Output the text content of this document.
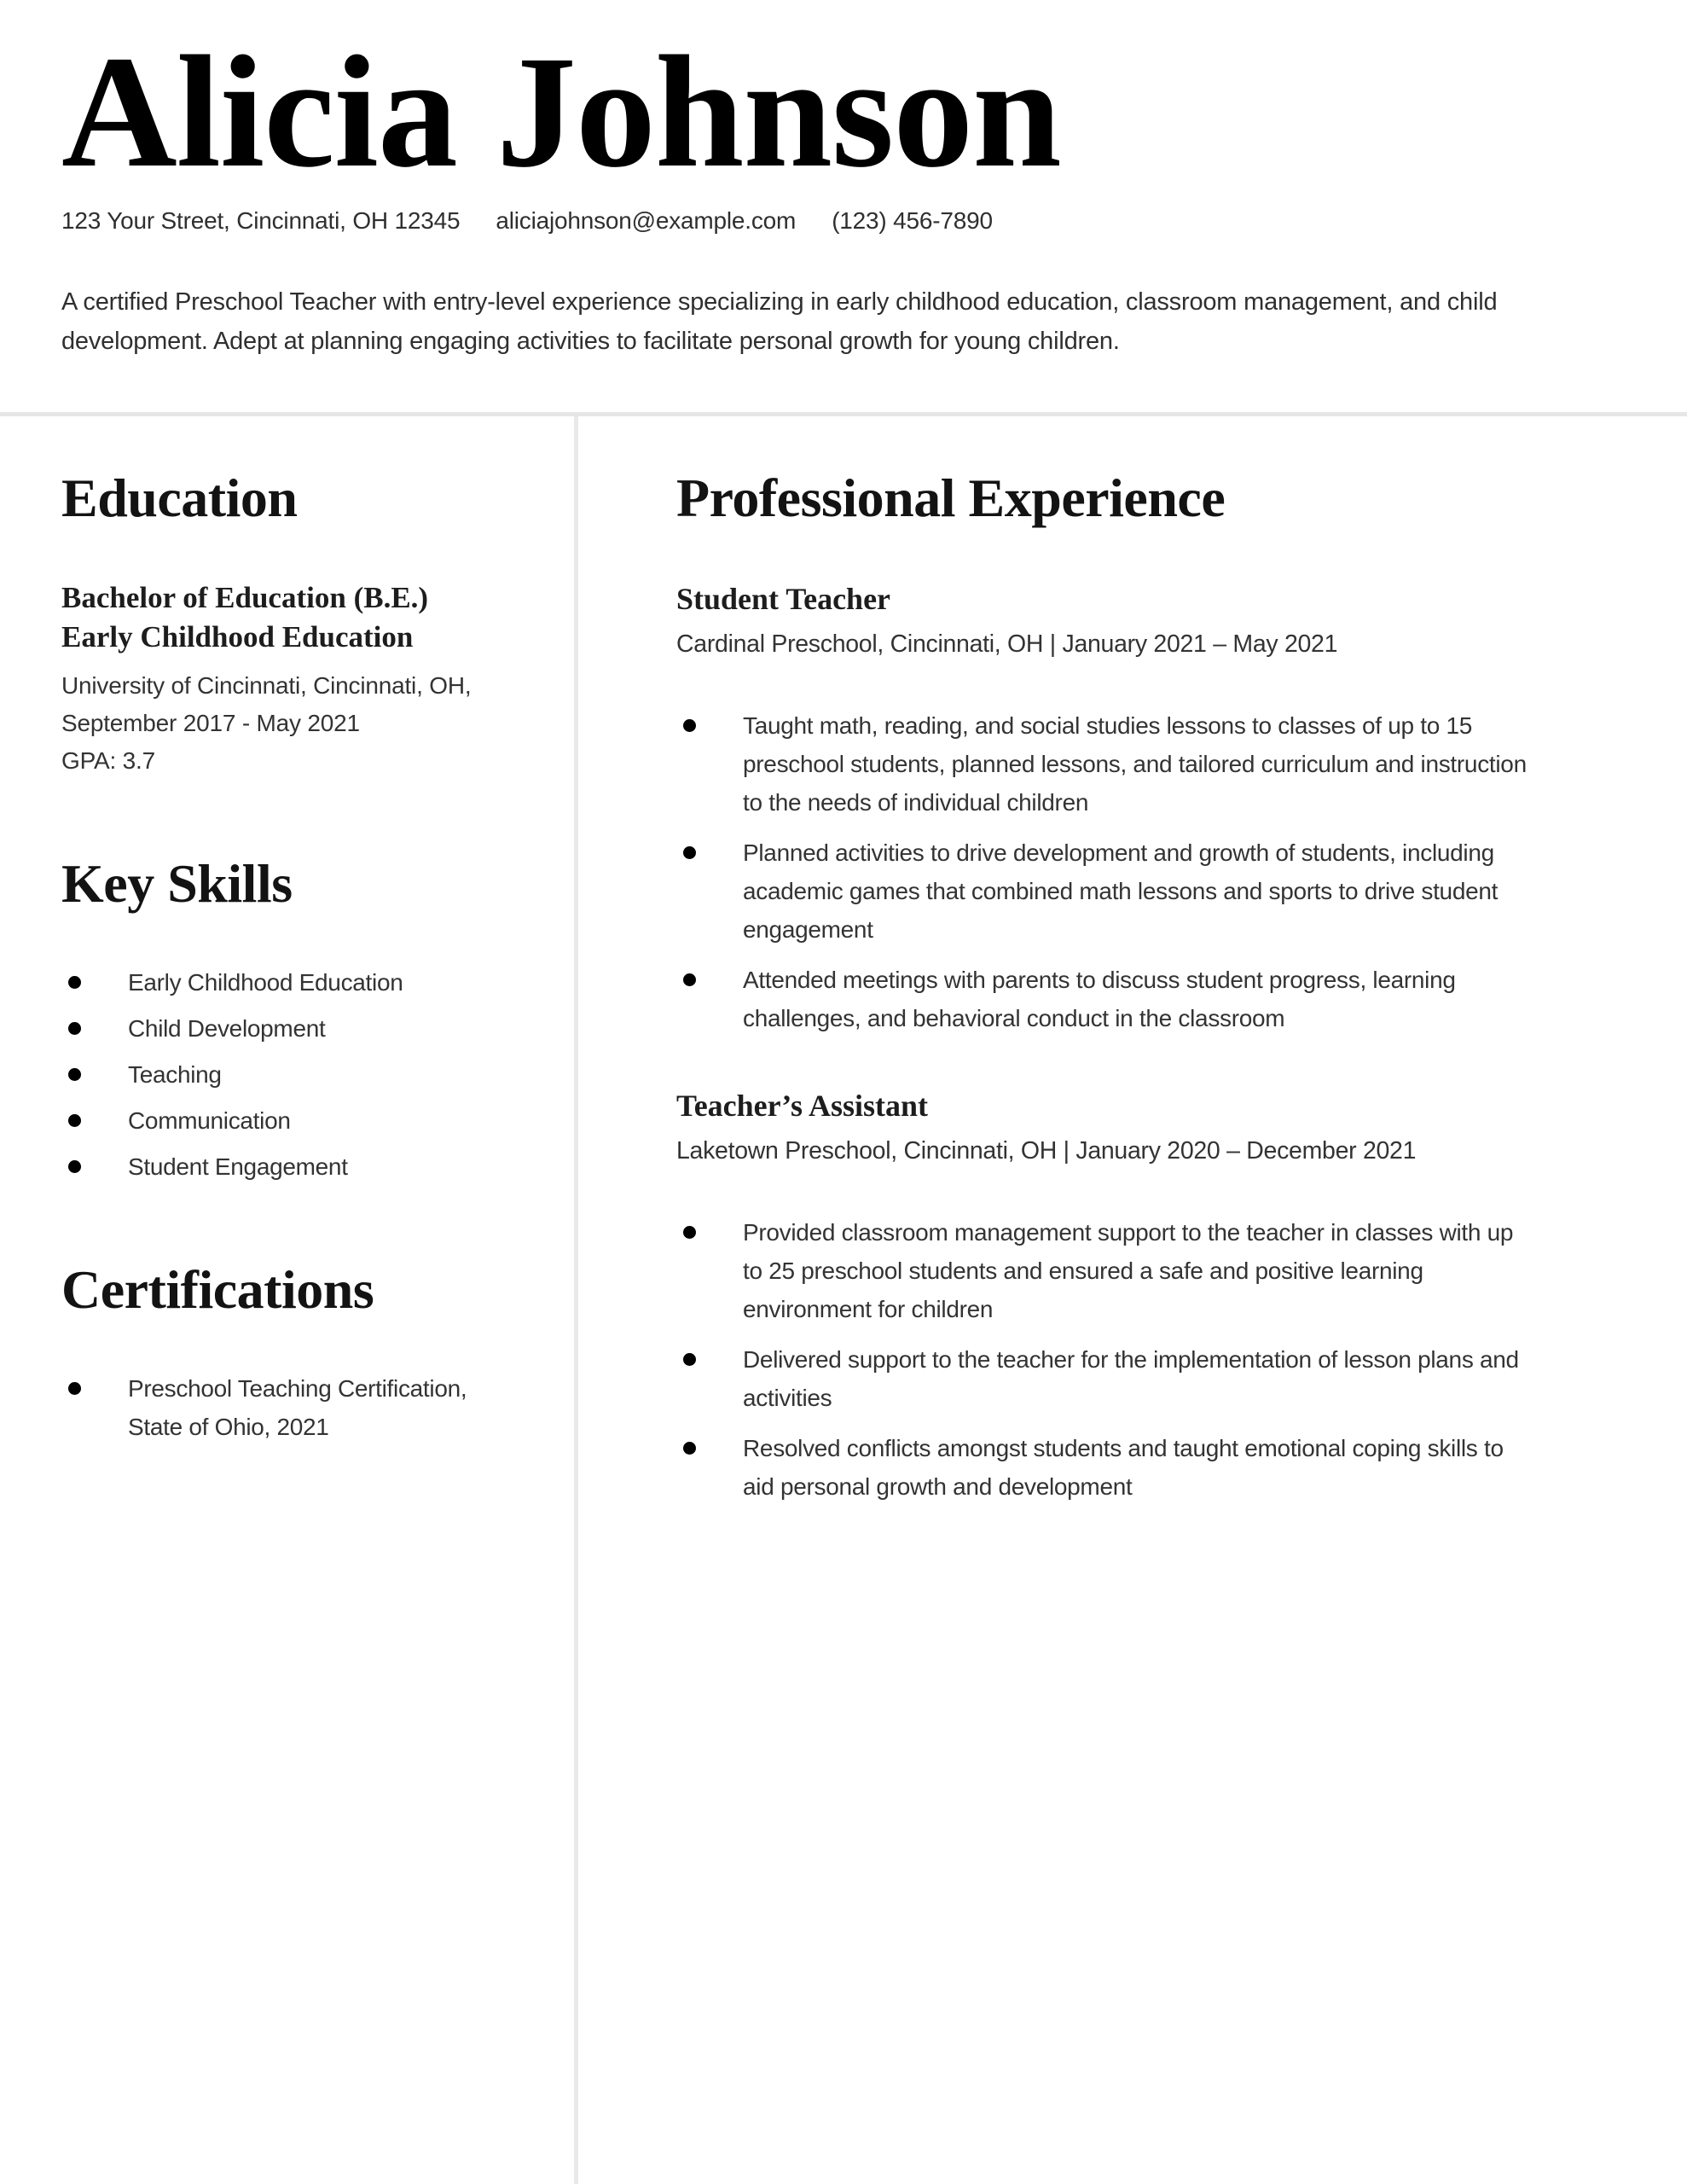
Alicia Johnson
123 Your Street, Cincinnati, OH 12345 aliciajohnson@example.com (123) 456-7890
A certified Preschool Teacher with entry-level experience specializing in early childhood education, classroom management, and child development. Adept at planning engaging activities to facilitate personal growth for young children.
Education
Bachelor of Education (B.E.)
Early Childhood Education
University of Cincinnati, Cincinnati, OH,
September 2017 - May 2021
GPA: 3.7
Key Skills
Early Childhood Education
Child Development
Teaching
Communication
Student Engagement
Certifications
Preschool Teaching Certification, State of Ohio, 2021
Professional Experience
Student Teacher
Cardinal Preschool, Cincinnati, OH | January 2021 – May 2021
Taught math, reading, and social studies lessons to classes of up to 15 preschool students, planned lessons, and tailored curriculum and instruction to the needs of individual children
Planned activities to drive development and growth of students, including academic games that combined math lessons and sports to drive student engagement
Attended meetings with parents to discuss student progress, learning challenges, and behavioral conduct in the classroom
Teacher’s Assistant
Laketown Preschool, Cincinnati, OH | January 2020 – December 2021
Provided classroom management support to the teacher in classes with up to 25 preschool students and ensured a safe and positive learning environment for children
Delivered support to the teacher for the implementation of lesson plans and activities
Resolved conflicts amongst students and taught emotional coping skills to aid personal growth and development
